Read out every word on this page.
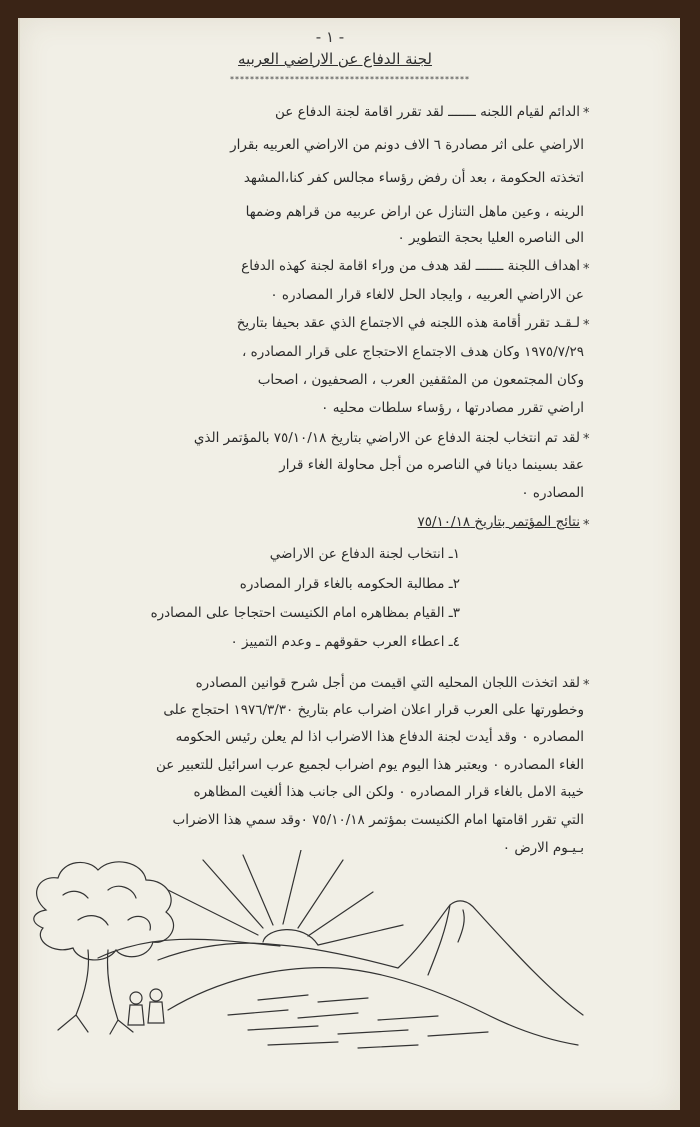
- ١ -
لجنة الدفاع عن الاراضي العربيه
************************************************
*
الدائم لقيام اللجنه ـــــــ لقد تقرر اقامة لجنة الدفاع عن
الاراضي على اثر مصادرة ٦ الاف دونم من الاراضي العربيه بقرار
اتخذته الحكومة ، بعد أن رفض رؤساء مجالس كفر كنا،المشهد
الرينه ، وعين ماهل التنازل عن اراض عربيه من قراهم وضمها
الى الناصره العليا بحجة التطوير ٠
*
اهداف اللجنة ـــــــ لقد هدف من وراء اقامة لجنة كهذه الدفاع
عن الاراضي العربيه ، وايجاد الحل لالغاء قرار المصادره ٠
*
لـقـد تقرر أقامة هذه اللجنه في الاجتماع الذي عقد بحيفا بتاريخ
١٩٧٥/٧/٢٩ وكان هدف الاجتماع الاحتجاج على قرار المصادره ،
وكان المجتمعون من المثقفين العرب ، الصحفيون ، اصحاب
اراضي تقرر مصادرتها ، رؤساء سلطات محليه ٠
*
لقد تم انتخاب لجنة الدفاع عن الاراضي بتاريخ ٧٥/١٠/١٨ بالمؤتمر الذي
عقد بسينما ديانا في الناصره من أجل محاولة الغاء قرار
المصادره ٠
*
نتائج المؤتمر بتاريخ ٧٥/١٠/١٨
١ـ انتخاب لجنة الدفاع عن الاراضي
٢ـ مطالبة الحكومه بالغاء قرار المصادره
٣ـ القيام بمظاهره امام الكنيست احتجاجا على المصادره
٤ـ اعطاء العرب حقوقهم ـ وعدم التمييز ٠
*
لقد اتخذت اللجان المحليه التي اقيمت من أجل شرح قوانين المصادره
وخطورتها على العرب قرار اعلان اضراب عام بتاريخ ١٩٧٦/٣/٣٠ احتجاج على
المصادره ٠ وقد أيدت لجنة الدفاع هذا الاضراب اذا لم يعلن رئيس الحكومه
الغاء المصادره ٠ ويعتبر هذا اليوم يوم اضراب لجميع عرب اسرائيل للتعبير عن
خيبة الامل بالغاء قرار المصادره ٠ ولكن الى جانب هذا ألغيت المظاهره
التي تقرر اقامتها امام الكنيست بمؤتمر ٧٥/١٠/١٨ ٠وقد سمي هذا الاضراب
بـيـوم الارض ٠
